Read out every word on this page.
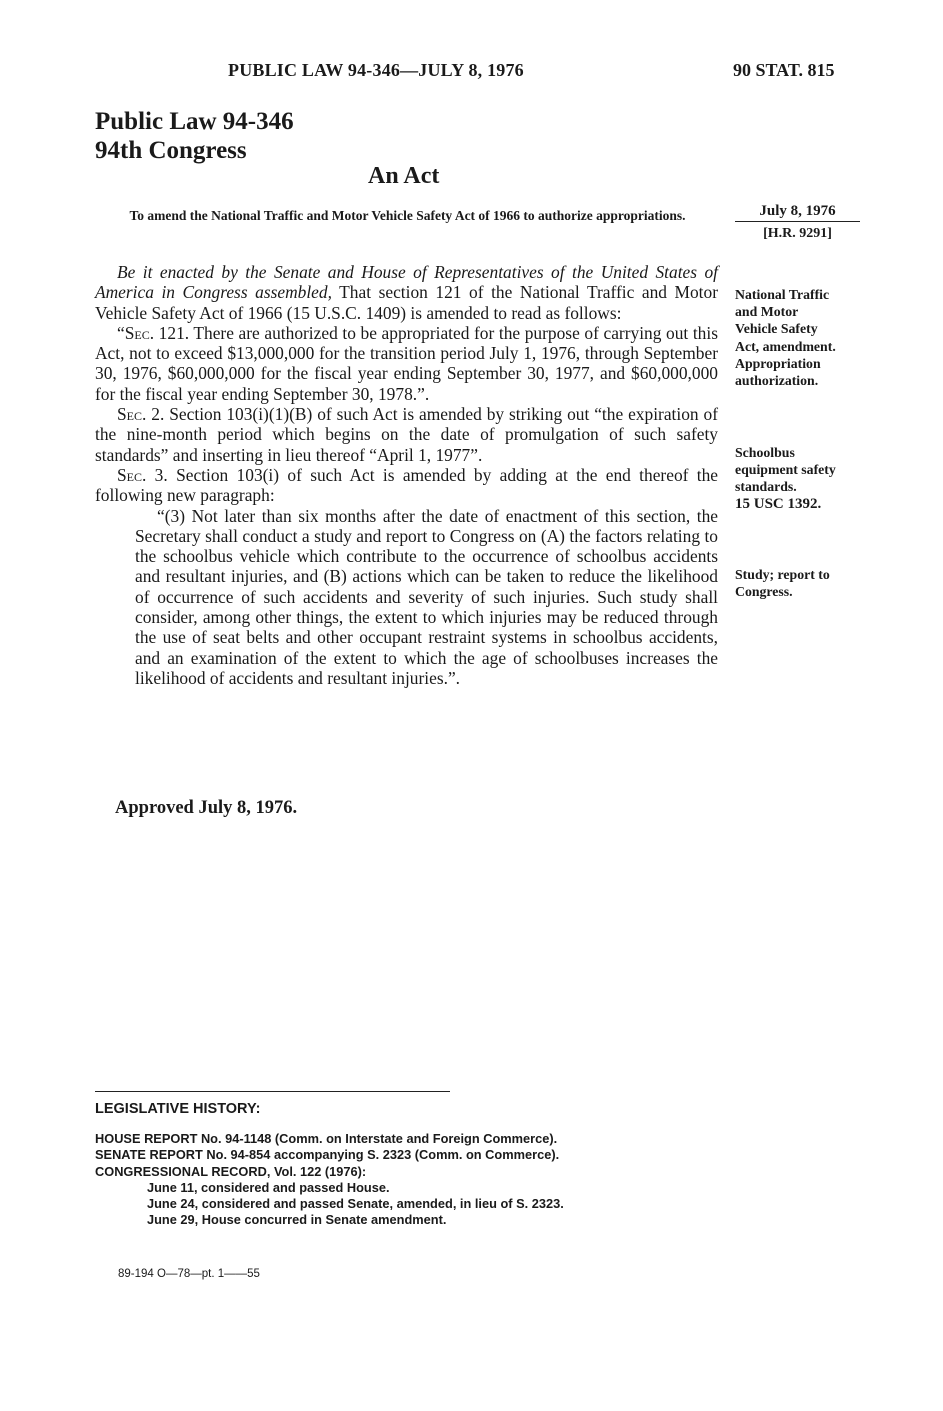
PUBLIC LAW 94-346—JULY 8, 1976	90 STAT. 815
Public Law 94-346
94th Congress
An Act
To amend the National Traffic and Motor Vehicle Safety Act of 1966 to authorize appropriations.	July 8, 1976
[H.R. 9291]

Be it enacted by the Senate and House of Representatives of the United States of America in Congress assembled, That section 121 of the National Traffic and Motor Vehicle Safety Act of 1966 (15 U.S.C. 1409) is amended to read as follows:

“Sec. 121. There are authorized to be appropriated for the purpose of carrying out this Act, not to exceed $13,000,000 for the transition period July 1, 1976, through September 30, 1976, $60,000,000 for the fiscal year ending September 30, 1977, and $60,000,000 for the fiscal year ending September 30, 1978.”.

Sec. 2. Section 103(i)(1)(B) of such Act is amended by striking out “the expiration of the nine-month period which begins on the date of promulgation of such safety standards” and inserting in lieu thereof “April 1, 1977”.

Sec. 3. Section 103(i) of such Act is amended by adding at the end thereof the following new paragraph:

“(3) Not later than six months after the date of enactment of this section, the Secretary shall conduct a study and report to Congress on (A) the factors relating to the schoolbus vehicle which contribute to the occurrence of schoolbus accidents and resultant injuries, and (B) actions which can be taken to reduce the likelihood of occurrence of such accidents and severity of such injuries. Such study shall consider, among other things, the extent to which injuries may be reduced through the use of seat belts and other occupant restraint systems in schoolbus accidents, and an examination of the extent to which the age of schoolbuses increases the likelihood of accidents and resultant injuries.”.

National Traffic
and Motor
Vehicle Safety
Act, amendment.
Appropriation
authorization.
Schoolbus
equipment safety
standards.
15 USC 1392.
Study; report to
Congress.
Approved July 8, 1976.
LEGISLATIVE HISTORY:
HOUSE REPORT No. 94-1148 (Comm. on Interstate and Foreign Commerce).
SENATE REPORT No. 94-854 accompanying S. 2323 (Comm. on Commerce).
CONGRESSIONAL RECORD, Vol. 122 (1976):
June 11, considered and passed House.
June 24, considered and passed Senate, amended, in lieu of S. 2323.
June 29, House concurred in Senate amendment.
89-194 O—78—pt. 1——55
